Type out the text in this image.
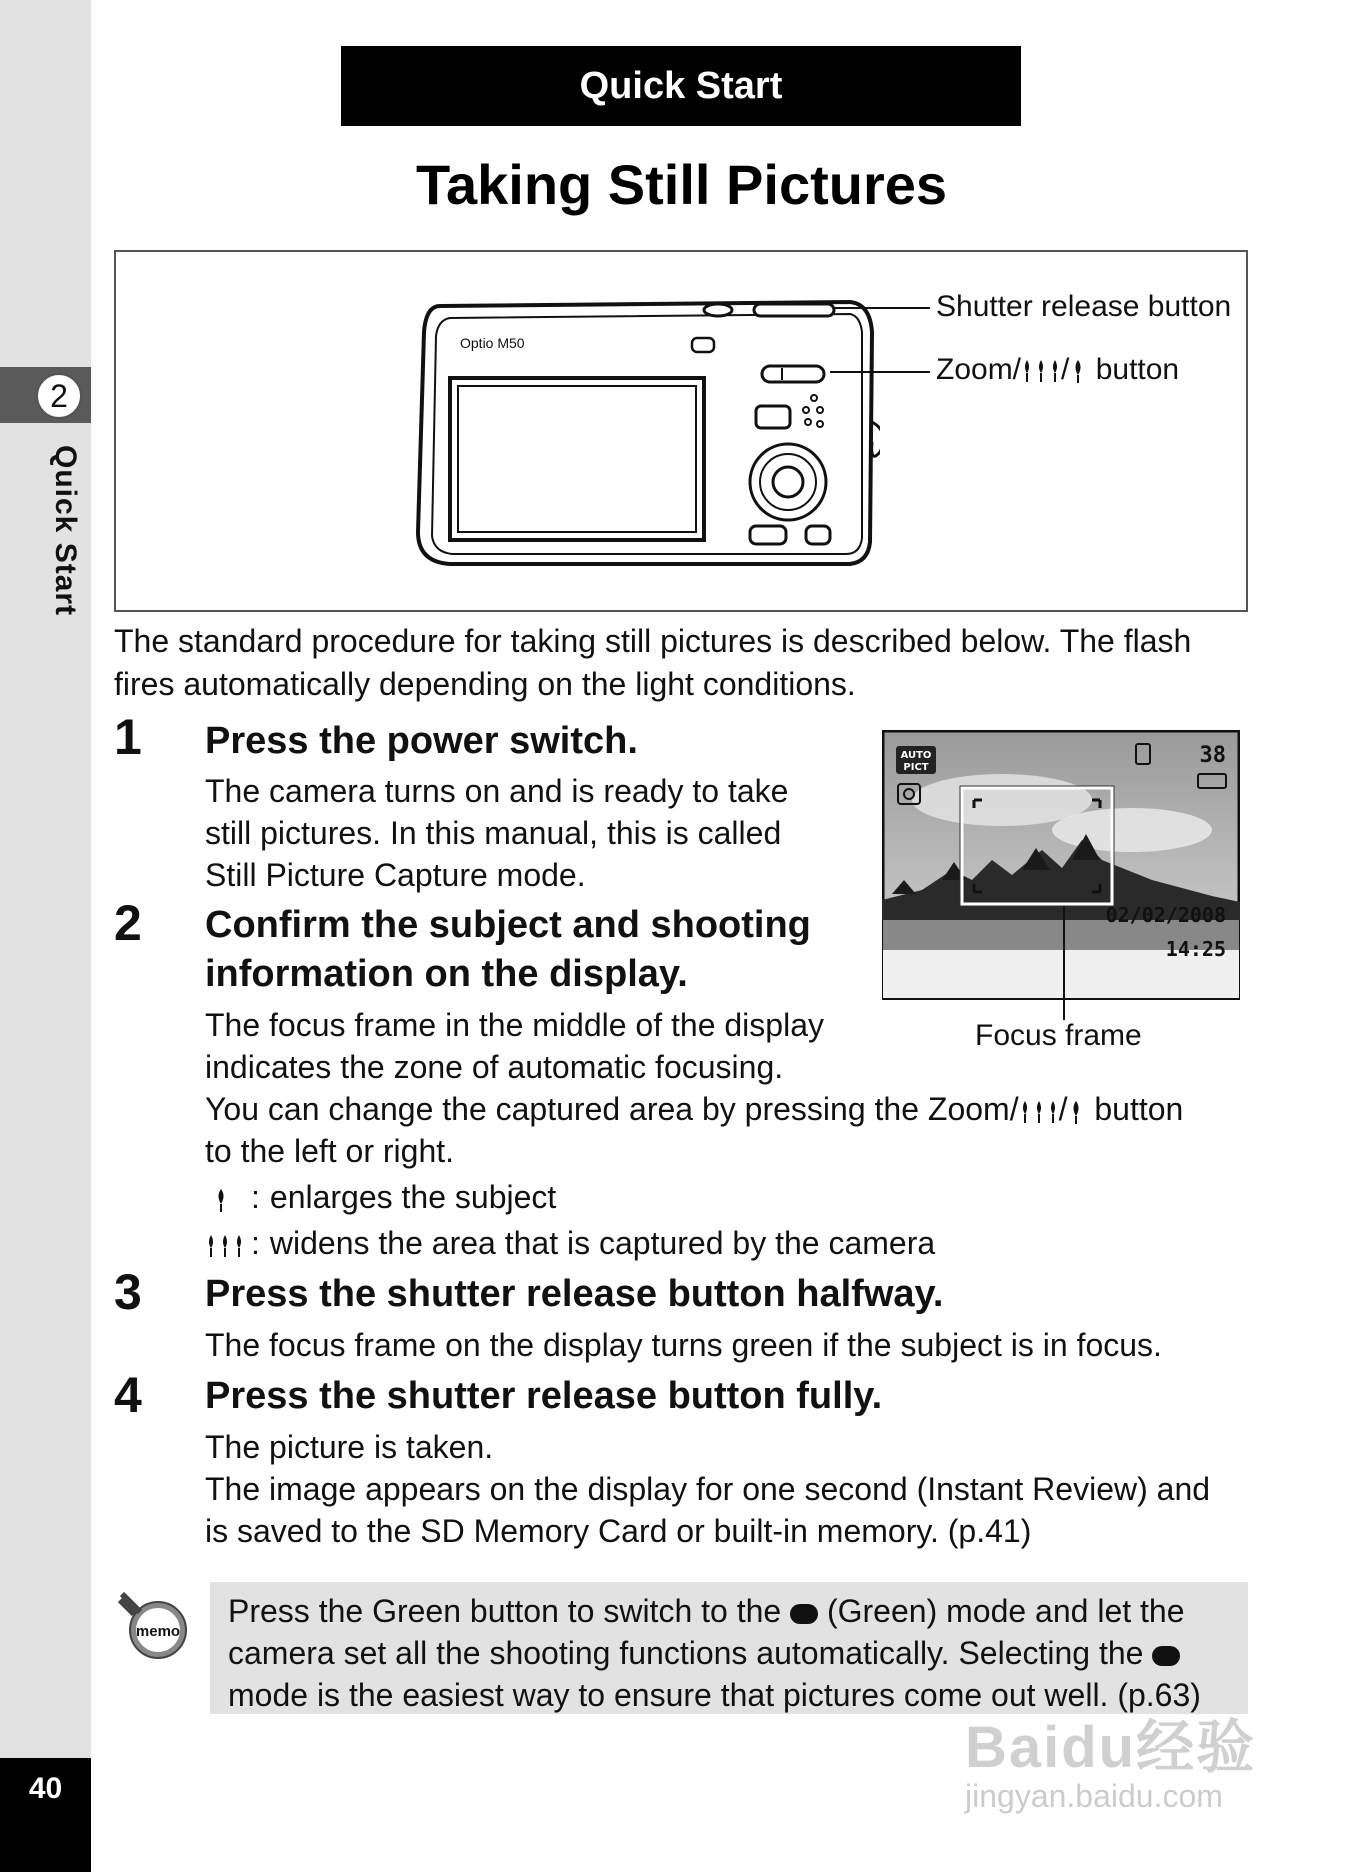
2
Quick Start
40
Quick Start
Taking Still Pictures
Optio M50
Shutter release button
Zoom/ / button
The standard procedure for taking still pictures is described below. The flash fires automatically depending on the light conditions.
1 Press the power switch.
The camera turns on and is ready to take
still pictures. In this manual, this is called
Still Picture Capture mode.
2 Confirm the subject and shooting
information on the display.
The focus frame in the middle of the display
indicates the zone of automatic focusing.
You can change the captured area by pressing the Zoom/ / button
to the left or right.
: enlarges the subject
: widens the area that is captured by the camera
AUTO
PICT	38
02/02/2008
14:25
Focus frame
3 Press the shutter release button halfway.
The focus frame on the display turns green if the subject is in focus.
4 Press the shutter release button fully.
The picture is taken.
The image appears on the display for one second (Instant Review) and
is saved to the SD Memory Card or built-in memory. (p.41)
memo
Press the Green button to switch to the  (Green) mode and let the
camera set all the shooting functions automatically. Selecting the
mode is the easiest way to ensure that pictures come out well. (p.63)
Baidu经验
jingyan.baidu.com
